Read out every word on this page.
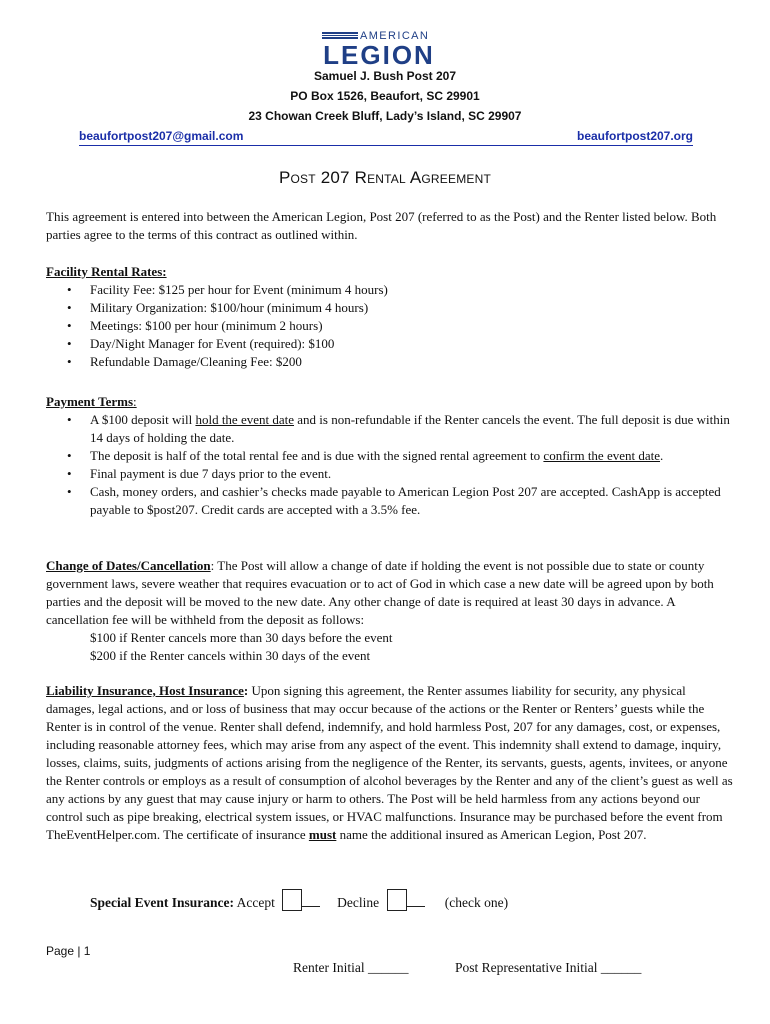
AMERICAN
LEGION
Samuel J. Bush Post 207
PO Box 1526, Beaufort, SC 29901
23 Chowan Creek Bluff, Lady’s Island, SC 29907
beaufortpost207@gmail.com	beaufortpost207.org
Post 207 Rental Agreement
This agreement is entered into between the American Legion, Post 207 (referred to as the Post) and the Renter listed below. Both parties agree to the terms of this contract as outlined within.
Facility Rental Rates:
• Facility Fee: $125 per hour for Event (minimum 4 hours)
• Military Organization: $100/hour (minimum 4 hours)
• Meetings: $100 per hour (minimum 2 hours)
• Day/Night Manager for Event (required): $100
• Refundable Damage/Cleaning Fee: $200
Payment Terms:
• A $100 deposit will hold the event date and is non-refundable if the Renter cancels the event. The full deposit is due within 14 days of holding the date.
• The deposit is half of the total rental fee and is due with the signed rental agreement to confirm the event date.
• Final payment is due 7 days prior to the event.
• Cash, money orders, and cashier’s checks made payable to American Legion Post 207 are accepted. CashApp is accepted payable to $post207. Credit cards are accepted with a 3.5% fee.
Change of Dates/Cancellation: The Post will allow a change of date if holding the event is not possible due to state or county government laws, severe weather that requires evacuation or to act of God in which case a new date will be agreed upon by both parties and the deposit will be moved to the new date. Any other change of date is required at least 30 days in advance. A cancellation fee will be withheld from the deposit as follows:
$100 if Renter cancels more than 30 days before the event
$200 if the Renter cancels within 30 days of the event
Liability Insurance, Host Insurance: Upon signing this agreement, the Renter assumes liability for security, any physical damages, legal actions, and or loss of business that may occur because of the actions or the Renter or Renters’ guests while the Renter is in control of the venue. Renter shall defend, indemnify, and hold harmless Post, 207 for any damages, cost, or expenses, including reasonable attorney fees, which may arise from any aspect of the event. This indemnity shall extend to damage, inquiry, losses, claims, suits, judgments of actions arising from the negligence of the Renter, its servants, guests, agents, invitees, or anyone the Renter controls or employs as a result of consumption of alcohol beverages by the Renter and any of the client’s guest as well as any actions by any guest that may cause injury or harm to others. The Post will be held harmless from any actions beyond our control such as pipe breaking, electrical system issues, or HVAC malfunctions. Insurance may be purchased before the event from TheEventHelper.com. The certificate of insurance must name the additional insured as American Legion, Post 207.
Special Event Insurance: Accept	Decline	(check one)
Page | 1
Renter Initial ______	Post Representative Initial ______
